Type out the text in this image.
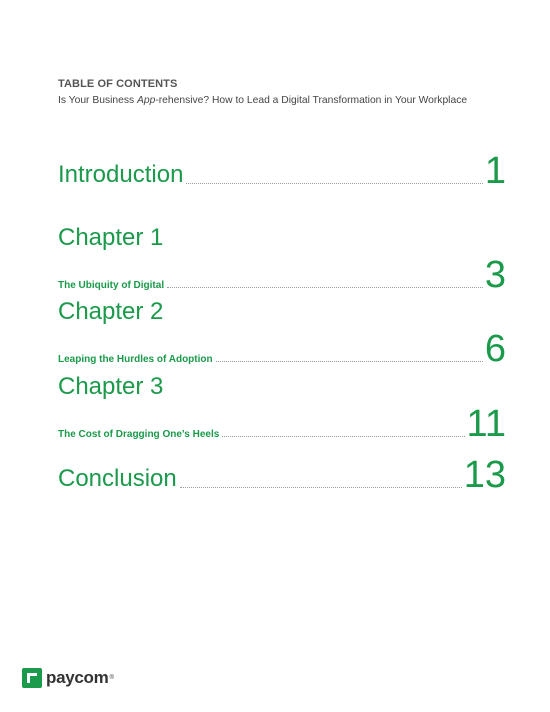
TABLE OF CONTENTS
Is Your Business App-rehensive? How to Lead a Digital Transformation in Your Workplace
Introduction	1
Chapter 1
The Ubiquity of Digital	3
Chapter 2
Leaping the Hurdles of Adoption	6
Chapter 3
The Cost of Dragging One’s Heels	11
Conclusion	13
paycom ®
